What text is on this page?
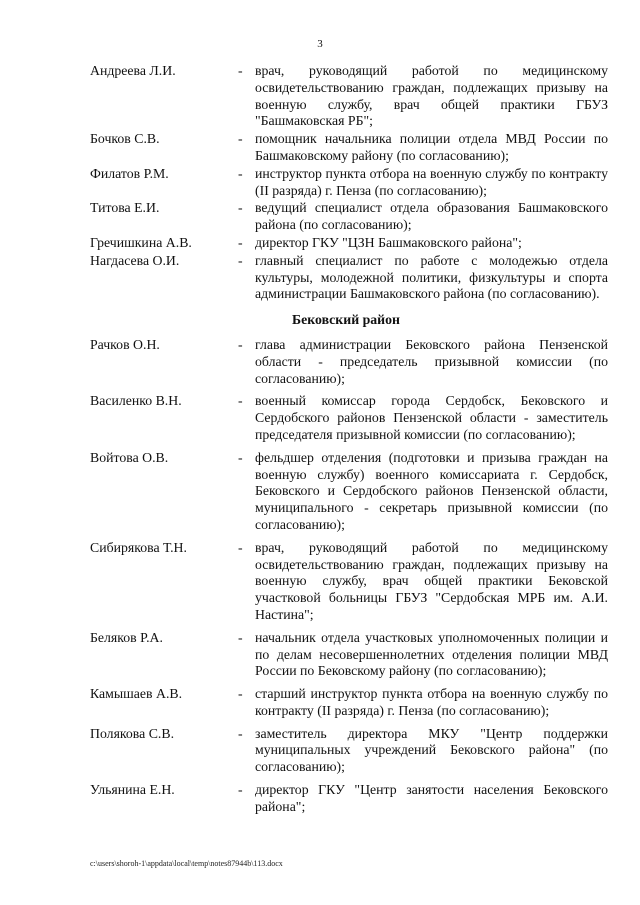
3
Андреева Л.И.	- врач, руководящий работой по медицинскому освидетельствованию граждан, подлежащих призыву на военную службу, врач общей практики ГБУЗ "Башмаковская РБ";
Бочков С.В.	- помощник начальника полиции отдела МВД России по Башмаковскому району (по согласованию);
Филатов Р.М.	- инструктор пункта отбора на военную службу по контракту (II разряда) г. Пенза (по согласованию);
Титова Е.И.	- ведущий специалист отдела образования Башмаковского района (по согласованию);
Гречишкина А.В.	- директор ГКУ "ЦЗН Башмаковского района";
Нагдасева О.И.	- главный специалист по работе с молодежью отдела культуры, молодежной политики, физкультуры и спорта администрации Башмаковского района (по согласованию).
Бековский район
Рачков О.Н.	- глава администрации Бековского района Пензенской области - председатель призывной комиссии (по согласованию);
Василенко В.Н.	- военный комиссар города Сердобск, Бековского и Сердобского районов Пензенской области - заместитель председателя призывной комиссии (по согласованию);
Войтова О.В.	- фельдшер отделения (подготовки и призыва граждан на военную службу) военного комиссариата г. Сердобск, Бековского и Сердобского районов Пензенской области, муниципального - секретарь призывной комиссии (по согласованию);
Сибирякова Т.Н.	- врач, руководящий работой по медицинскому освидетельствованию граждан, подлежащих призыву на военную службу, врач общей практики Бековской участковой больницы ГБУЗ "Сердобская МРБ им. А.И. Настина";
Беляков Р.А.	- начальник отдела участковых уполномоченных полиции и по делам несовершеннолетних отделения полиции МВД России по Бековскому району (по согласованию);
Камышаев А.В.	- старший инструктор пункта отбора на военную службу по контракту (II разряда) г. Пенза (по согласованию);
Полякова С.В.	- заместитель директора МКУ "Центр поддержки муниципальных учреждений Бековского района" (по согласованию);
Ульянина Е.Н.	- директор ГКУ "Центр занятости населения Бековского района";
c:\users\shoroh-1\appdata\local\temp\notes87944b\113.docx
